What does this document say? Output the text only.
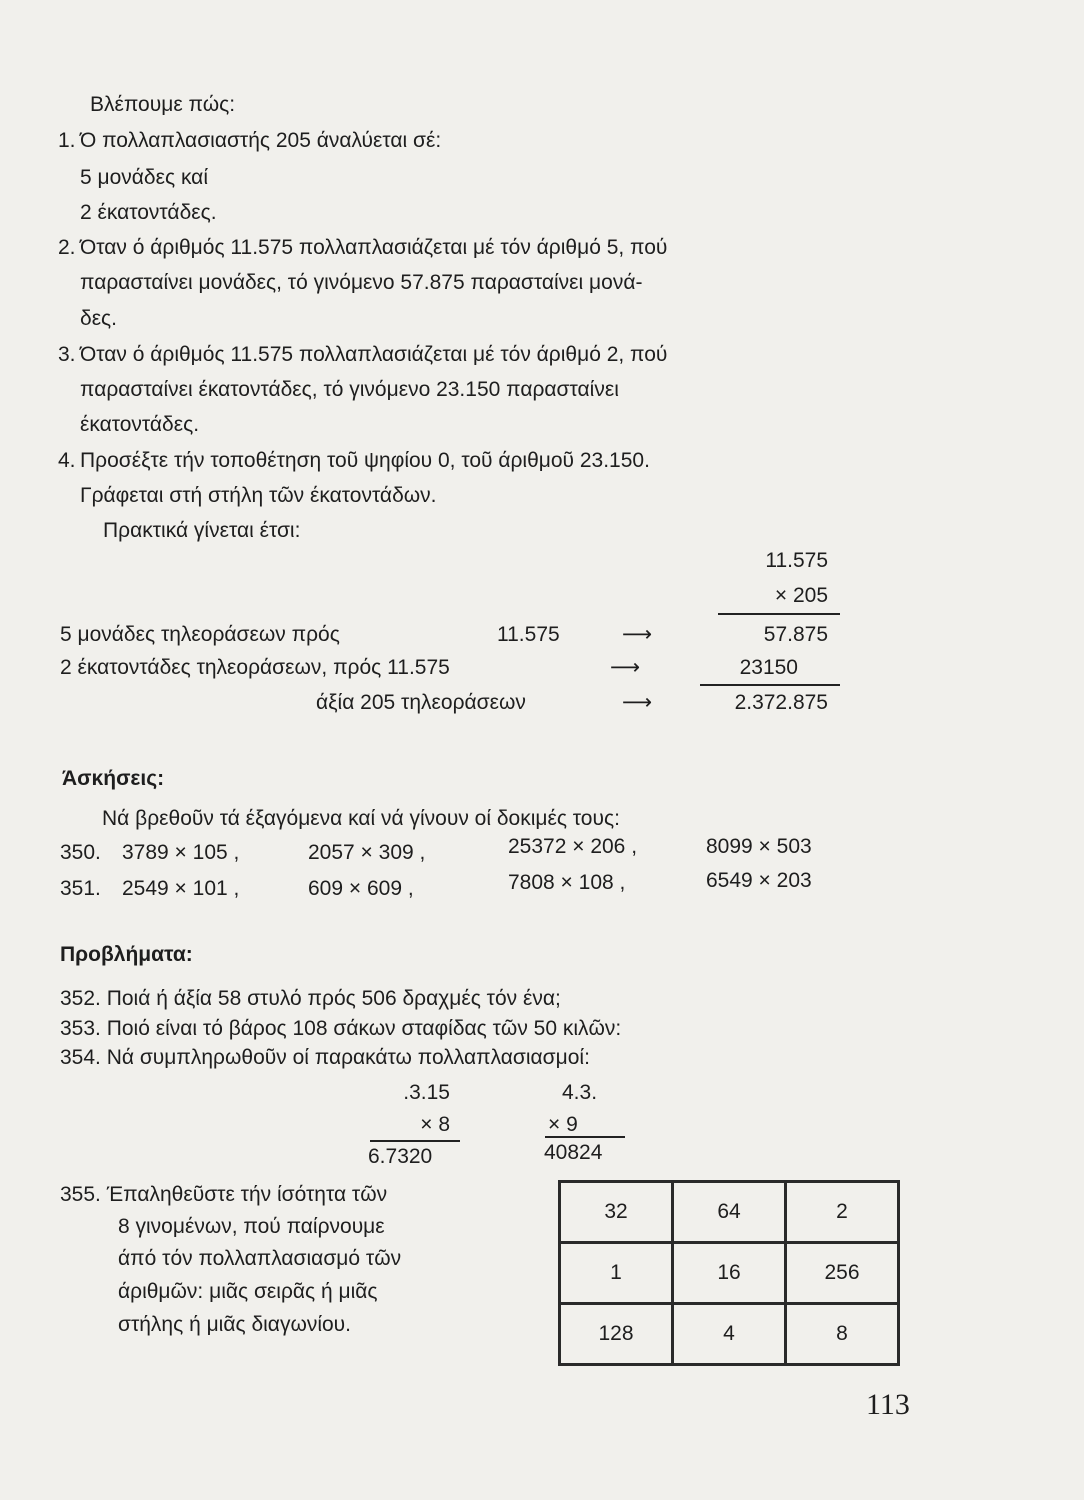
Βλέπουμε πώς:
1. Ό πολλαπλασιαστής 205 άναλύεται σέ:
5 μονάδες καί
2 έκατοντάδες.
2. Όταν ό άριθμός 11.575 πολλαπλασιάζεται μέ τόν άριθμό 5, πού
παρασταίνει μονάδες, τό γινόμενο 57.875 παρασταίνει μονά-
δες.
3. Όταν ό άριθμός 11.575 πολλαπλασιάζεται μέ τόν άριθμό 2, πού
παρασταίνει έκατοντάδες, τό γινόμενο 23.150 παρασταίνει
έκατοντάδες.
4. Προσέξτε τήν τοποθέτηση τοῦ ψηφίου 0, τοῦ άριθμοῦ 23.150.
Γράφεται στή στήλη τῶν έκατοντάδων.
Πρακτικά γίνεται έτσι:
11.575
× 205
5 μονάδες τηλεοράσεων πρός	11.575	⟶	57.875
2 έκατοντάδες τηλεοράσεων, πρός 11.575	⟶	23150
άξία 205 τηλεοράσεων	⟶	2.372.875
Άσκήσεις:
Νά βρεθοῦν τά έξαγόμενα καί νά γίνουν οί δοκιμές τους:
350. 3789 × 105 ,	2057 × 309 ,	25372 × 206 ,	8099 × 503
351. 2549 × 101 ,	609 × 609 ,	7808 × 108 ,	6549 × 203
Προβλήματα:
352. Ποιά ή άξία 58 στυλό πρός 506 δραχμές τόν ένα;
353. Ποιό είναι τό βάρος 108 σάκων σταφίδας τῶν 50 κιλῶν:
354. Νά συμπληρωθοῦν οί παρακάτω πολλαπλασιασμοί:
.3.15
× 8
6.7320
4.3.
× 9
40824
355. Έπαληθεῦστε τήν ίσότητα τῶν
8 γινομένων, πού παίρνουμε
άπό τόν πολλαπλασιασμό τῶν
άριθμῶν: μιᾶς σειρᾶς ή μιᾶς
στήλης ή μιᾶς διαγωνίου.
32	64	2
1	16	256
128	4	8
113
